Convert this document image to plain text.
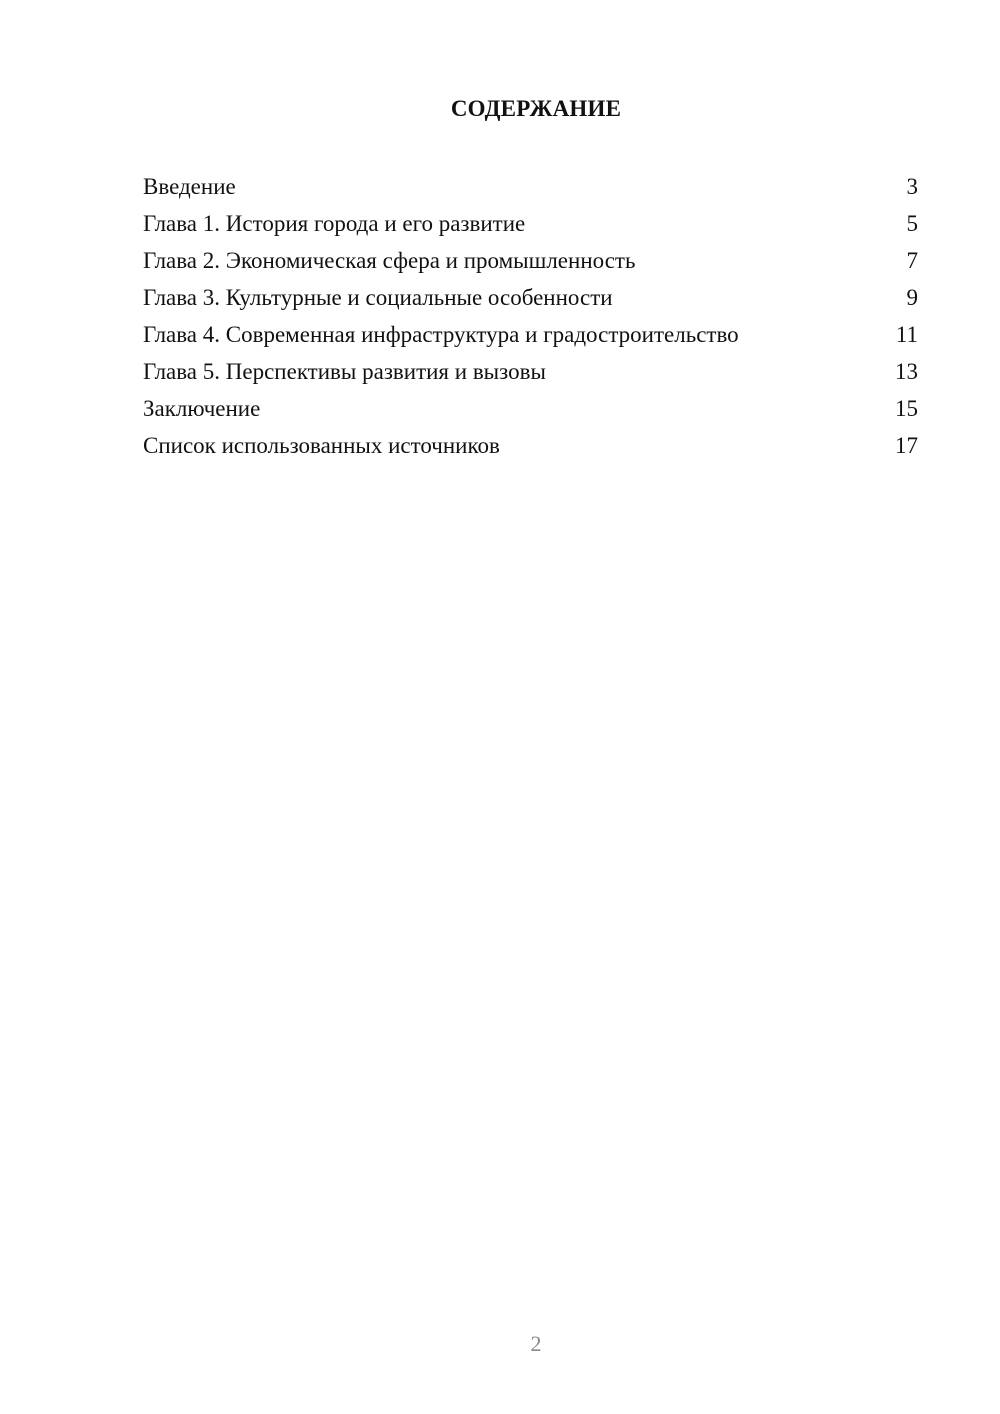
СОДЕРЖАНИЕ
Введение	3
Глава 1. История города и его развитие	5
Глава 2. Экономическая сфера и промышленность	7
Глава 3. Культурные и социальные особенности	9
Глава 4. Современная инфраструктура и градостроительство	11
Глава 5. Перспективы развития и вызовы	13
Заключение	15
Список использованных источников	17
2
